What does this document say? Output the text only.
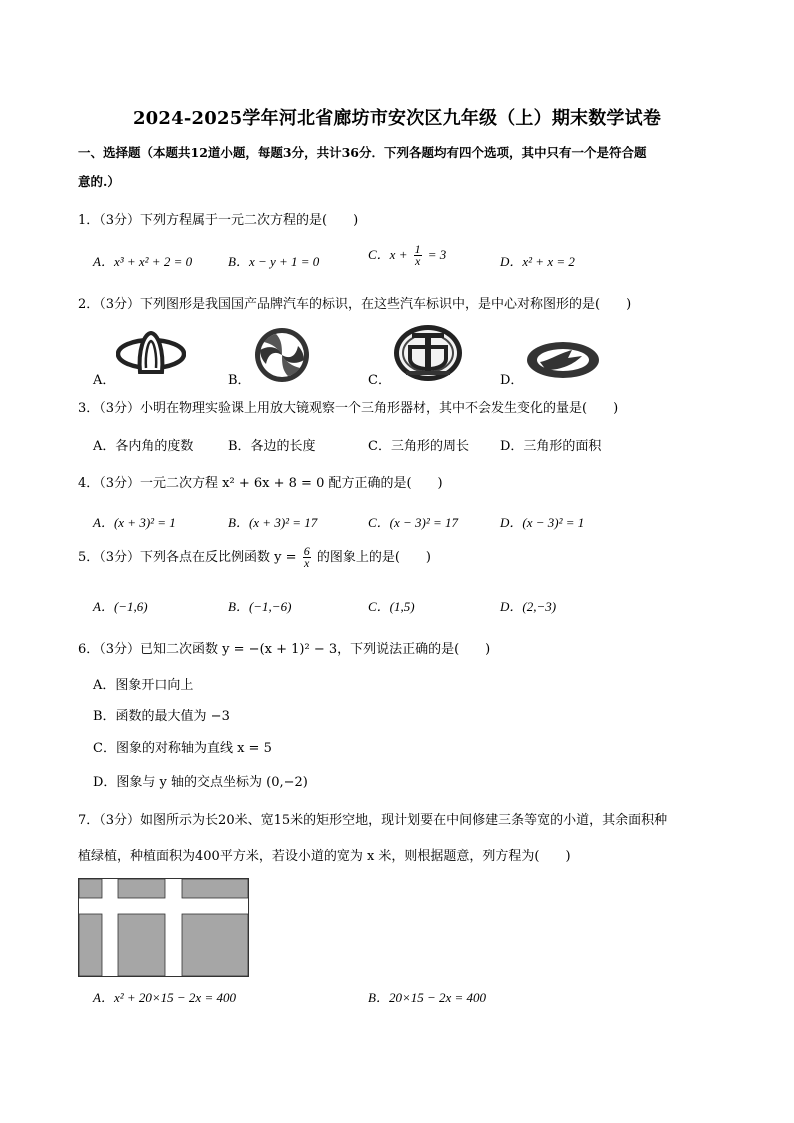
2024-2025学年河北省廊坊市安次区九年级（上）期末数学试卷
一、选择题（本题共12道小题，每题3分，共计36分．下列各题均有四个选项，其中只有一个是符合题
意的.）
1．（3分）下列方程属于一元二次方程的是(　　)
A．x³ + x² + 2 = 0	B．x − y + 1 = 0	C．$x + \frac{1}{x} = 3$	D．x² + x = 2
2．（3分）下列图形是我国国产品牌汽车的标识，在这些汽车标识中，是中心对称图形的是(　　)
A．	B．	C．	D．
3．（3分）小明在物理实验课上用放大镜观察一个三角形器材，其中不会发生变化的量是(　　)
A．各内角的度数	B．各边的长度	C．三角形的周长 D．三角形的面积
4．（3分）一元二次方程 x² + 6x + 8 = 0 配方正确的是(　　)
A．(x + 3)² = 1	B．(x + 3)² = 17	C．(x − 3)² = 17	D．(x − 3)² = 1
5．（3分）下列各点在反比例函数 $y = \frac{6}{x}$ 的图象上的是(　　)
A．(−1,6)	B．(−1,−6)	C．(1,5)	D．(2,−3)
6．（3分）已知二次函数 y = −(x + 1)² − 3，下列说法正确的是(　　)
A．图象开口向上
B．函数的最大值为 −3
C．图象的对称轴为直线 x = 5
D．图象与 y 轴的交点坐标为 (0,−2)
7．（3分）如图所示为长20米、宽15米的矩形空地，现计划要在中间修建三条等宽的小道，其余面积种
植绿植，种植面积为400平方米，若设小道的宽为 x 米，则根据题意，列方程为(　　)
A．x² + 20×15 − 2x = 400	B．20×15 − 2x = 400
